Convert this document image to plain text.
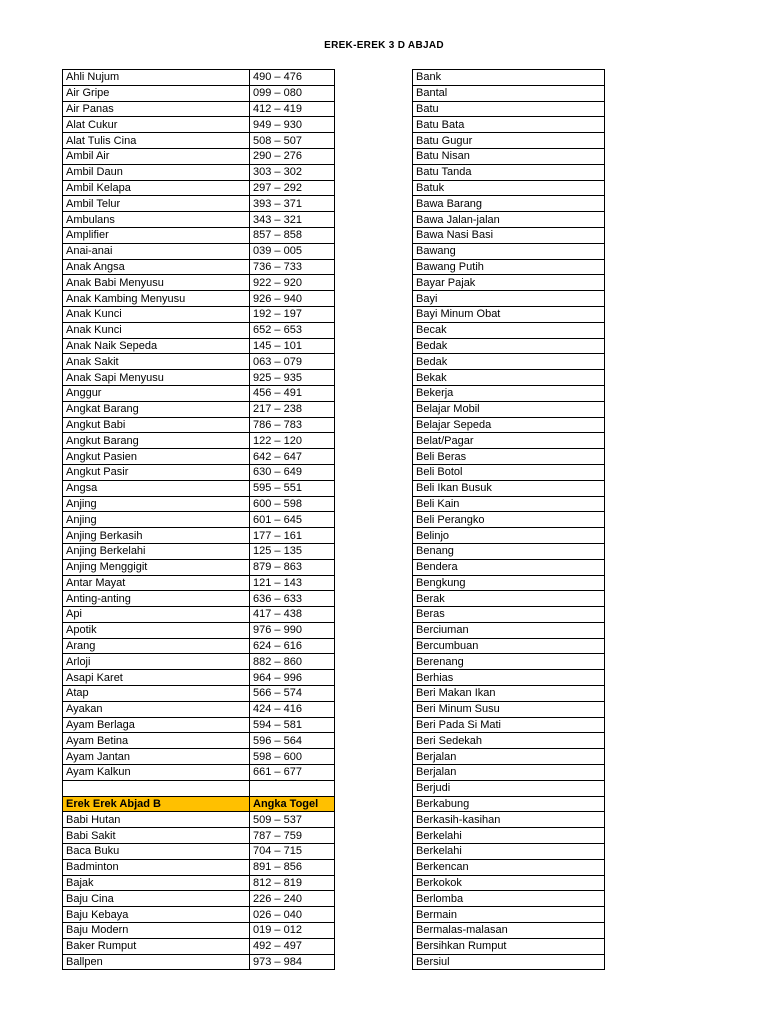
EREK-EREK 3 D ABJAD
Ahli Nujum	490 – 476
Air Gripe	099 – 080
Air Panas	412 – 419
Alat Cukur	949 – 930
Alat Tulis Cina	508 – 507
Ambil Air	290 – 276
Ambil Daun	303 – 302
Ambil Kelapa	297 – 292
Ambil Telur	393 – 371
Ambulans	343 – 321
Amplifier	857 – 858
Anai-anai	039 – 005
Anak Angsa	736 – 733
Anak Babi Menyusu	922 – 920
Anak Kambing Menyusu	926 – 940
Anak Kunci	192 – 197
Anak Kunci	652 – 653
Anak Naik Sepeda	145 – 101
Anak Sakit	063 – 079
Anak Sapi Menyusu	925 – 935
Anggur	456 – 491
Angkat Barang	217 – 238
Angkut Babi	786 – 783
Angkut Barang	122 – 120
Angkut Pasien	642 – 647
Angkut Pasir	630 – 649
Angsa	595 – 551
Anjing	600 – 598
Anjing	601 – 645
Anjing Berkasih	177 – 161
Anjing Berkelahi	125 – 135
Anjing Menggigit	879 – 863
Antar Mayat	121 – 143
Anting-anting	636 – 633
Api	417 – 438
Apotik	976 – 990
Arang	624 – 616
Arloji	882 – 860
Asapi Karet	964 – 996
Atap	566 – 574
Ayakan	424 – 416
Ayam Berlaga	594 – 581
Ayam Betina	596 – 564
Ayam Jantan	598 – 600
Ayam Kalkun	661 – 677

Erek Erek Abjad B	Angka Togel
Babi Hutan	509 – 537
Babi Sakit	787 – 759
Baca Buku	704 – 715
Badminton	891 – 856
Bajak	812 – 819
Baju Cina	226 – 240
Baju Kebaya	026 – 040
Baju Modern	019 – 012
Baker Rumput	492 – 497
Ballpen	973 – 984
Bank
Bantal
Batu
Batu Bata
Batu Gugur
Batu Nisan
Batu Tanda
Batuk
Bawa Barang
Bawa Jalan-jalan
Bawa Nasi Basi
Bawang
Bawang Putih
Bayar Pajak
Bayi
Bayi Minum Obat
Becak
Bedak
Bedak
Bekak
Bekerja
Belajar Mobil
Belajar Sepeda
Belat/Pagar
Beli Beras
Beli Botol
Beli Ikan Busuk
Beli Kain
Beli Perangko
Belinjo
Benang
Bendera
Bengkung
Berak
Beras
Berciuman
Bercumbuan
Berenang
Berhias
Beri Makan Ikan
Beri Minum Susu
Beri Pada Si Mati
Beri Sedekah
Berjalan
Berjalan
Berjudi
Berkabung
Berkasih-kasihan
Berkelahi
Berkelahi
Berkencan
Berkokok
Berlomba
Bermain
Bermalas-malasan
Bersihkan Rumput
Bersiul
